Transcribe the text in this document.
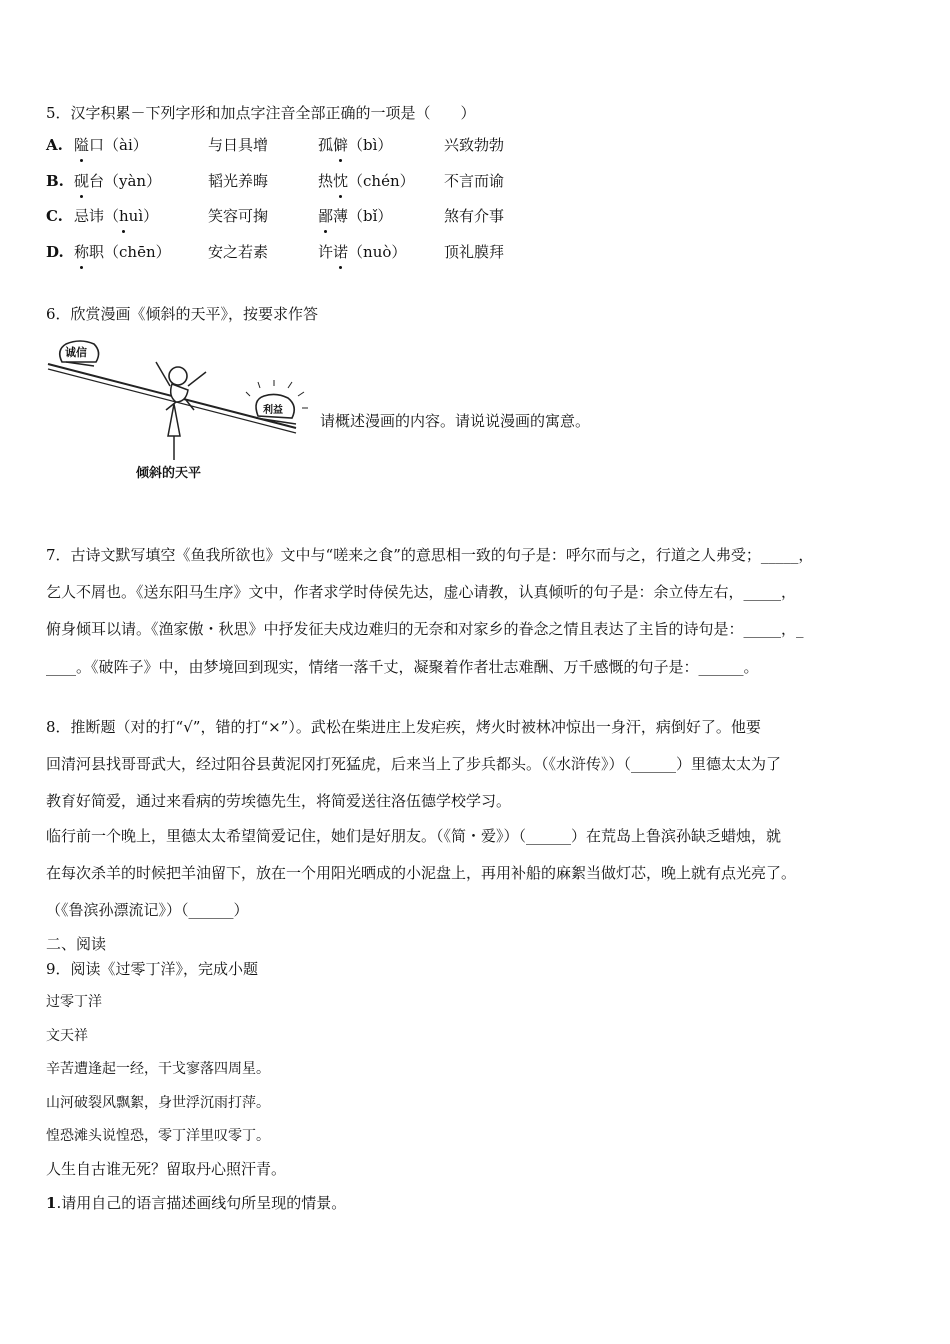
5．汉字积累－下列字形和加点字注音全部正确的一项是（　　）
A. 隘口（ài）	与日具增	孤僻（bì）	兴致勃勃
B. 砚台（yàn）	韬光养晦	热忱（chén） 不言而谕
C. 忌讳（huì）	笑容可掬	鄙薄（bǐ）	煞有介事
D. 称职（chēn） 安之若素	许诺（nuò）	顶礼膜拜
6．欣赏漫画《倾斜的天平》，按要求作答
诚信
利益
倾斜的天平
请概述漫画的内容。请说说漫画的寓意。
7．古诗文默写填空《鱼我所欲也》文中与“嗟来之食”的意思相一致的句子是：呼尔而与之，行道之人弗受；_____，
乞人不屑也。《送东阳马生序》文中，作者求学时侍侯先达，虚心请教，认真倾听的句子是：余立侍左右，_____，
俯身倾耳以请。《渔家傲・秋思》中抒发征夫戍边难归的无奈和对家乡的眷念之情且表达了主旨的诗句是：_____，_
____。《破阵子》中，由梦境回到现实，情绪一落千丈，凝聚着作者壮志难酬、万千感慨的句子是：______。
8．推断题（对的打“√”，错的打“×”）。武松在柴进庄上发疟疾，烤火时被林冲惊出一身汗，病倒好了。他要
回清河县找哥哥武大，经过阳谷县黄泥冈打死猛虎，后来当上了步兵都头。（《水浒传》）（______）里德太太为了
教育好简爱，通过来看病的劳埃德先生，将简爱送往洛伍德学校学习。
临行前一个晚上，里德太太希望简爱记住，她们是好朋友。（《简・爱》）（______）在荒岛上鲁滨孙缺乏蜡烛，就
在每次杀羊的时候把羊油留下，放在一个用阳光晒成的小泥盘上，再用补船的麻絮当做灯芯，晚上就有点光亮了。
（《鲁滨孙漂流记》）（______）
二、阅读
9．阅读《过零丁洋》，完成小题
过零丁洋
文天祥
辛苦遭逢起一经，干戈寥落四周星。
山河破裂风飘絮，身世浮沉雨打萍。
惶恐滩头说惶恐，零丁洋里叹零丁。
人生自古谁无死？留取丹心照汗青。
1.请用自己的语言描述画线句所呈现的情景。
